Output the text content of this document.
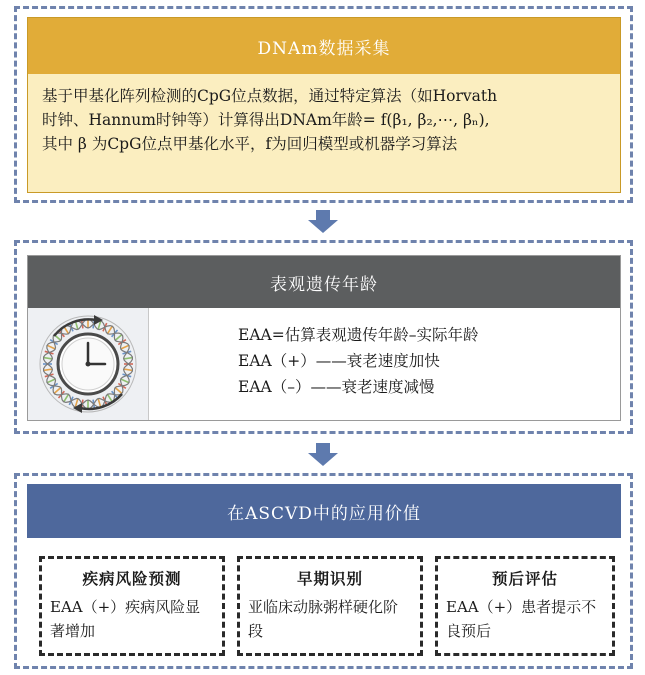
DNAm数据采集

基于甲基化阵列检测的CpG位点数据，通过特定算法（如Horvath

时钟、Hannum时钟等）计算得出DNAm年龄= f(β₁, β₂,⋯, βₙ),

其中 β 为CpG位点甲基化水平，f为回归模型或机器学习算法

表观遗传年龄
EAA=估算表观遗传年龄–实际年龄
EAA（+）——衰老速度加快
EAA（–）——衰老速度减慢
在ASCVD中的应用价值
疾病风险预测
EAA（+）疾病风险显著增加
早期识别
亚临床动脉粥样硬化阶段
预后评估
EAA（+）患者提示不良预后
